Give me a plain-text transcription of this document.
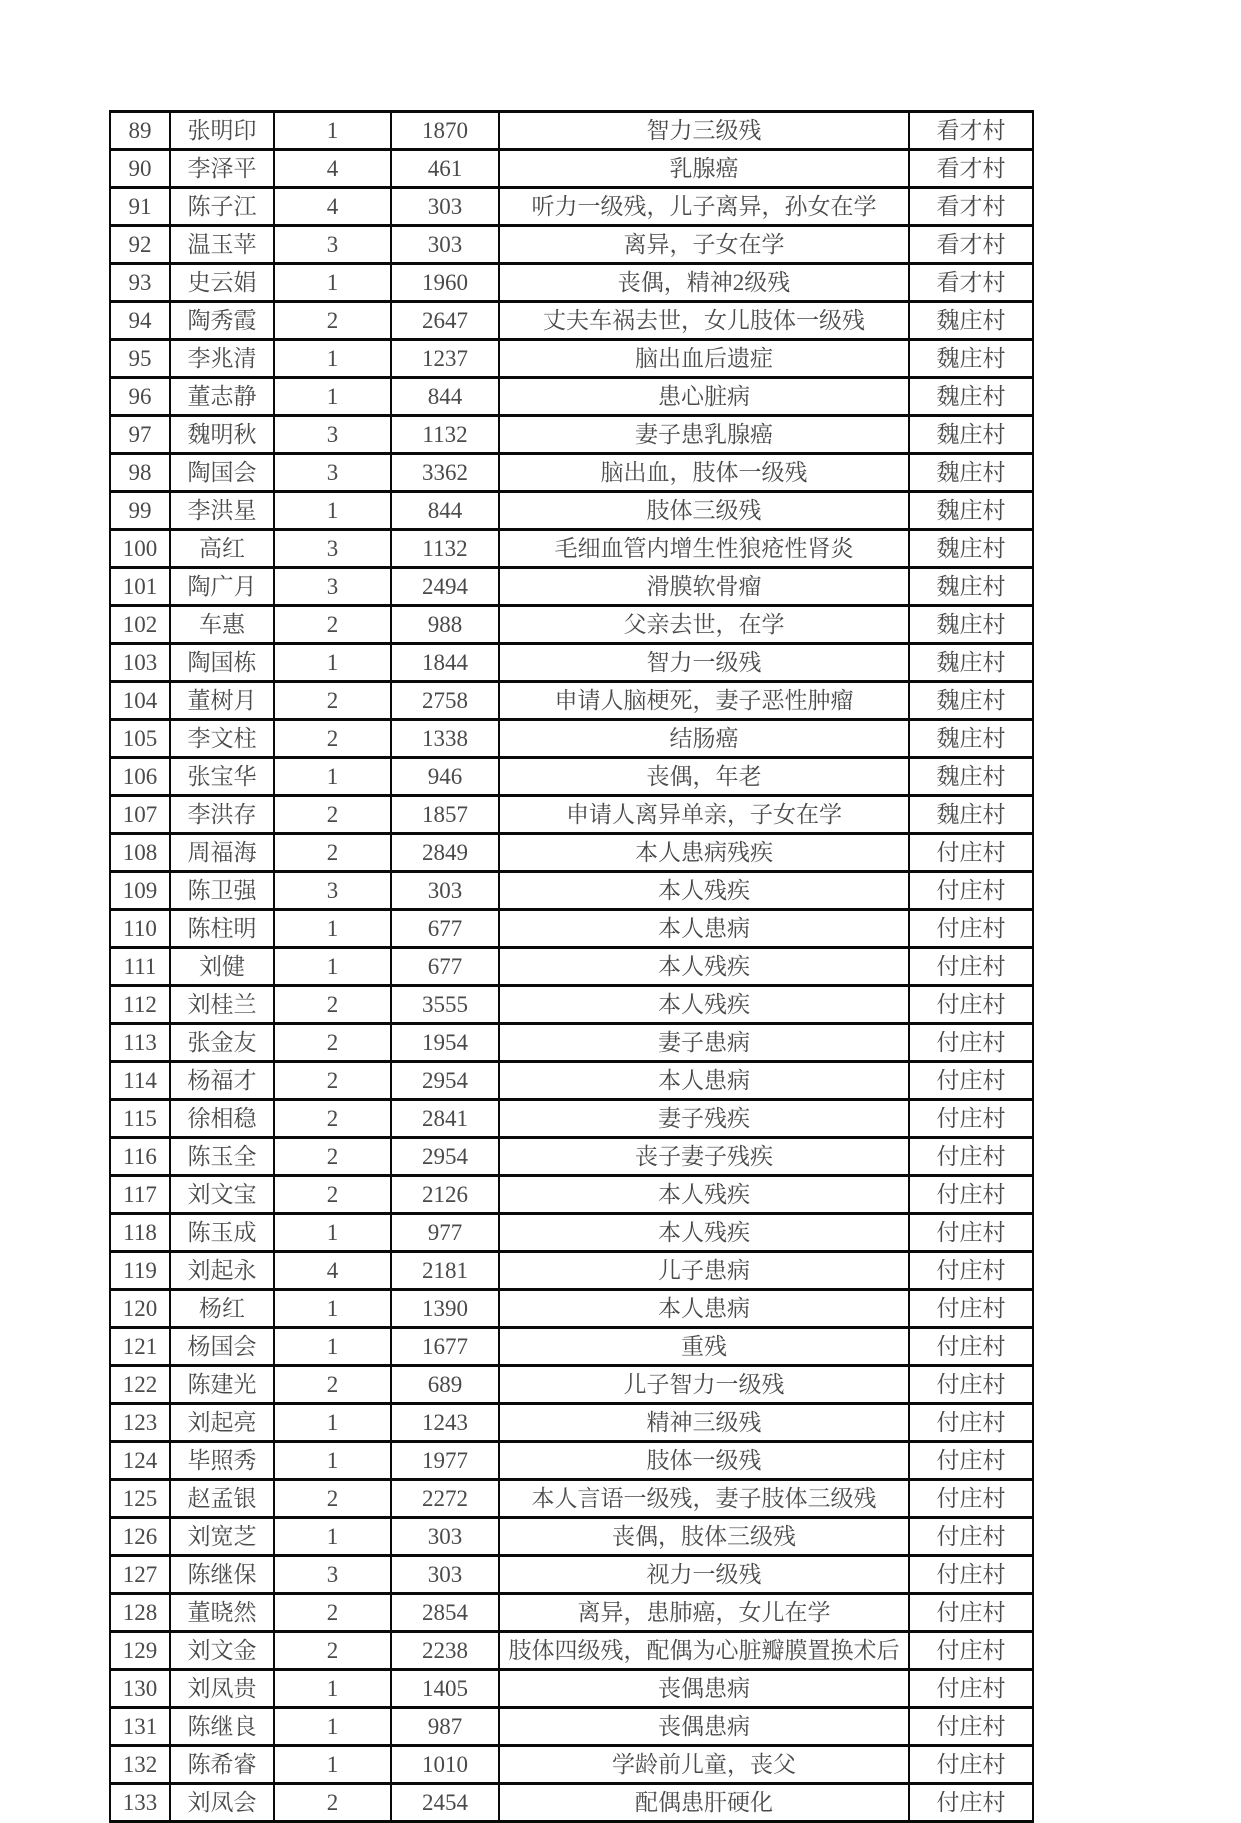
89	张明印	1	1870	智力三级残	看才村
90	李泽平	4	461	乳腺癌	看才村
91	陈子江	4	303	听力一级残，儿子离异，孙女在学	看才村
92	温玉苹	3	303	离异，子女在学	看才村
93	史云娟	1	1960	丧偶，精神2级残	看才村
94	陶秀霞	2	2647	丈夫车祸去世，女儿肢体一级残	魏庄村
95	李兆清	1	1237	脑出血后遗症	魏庄村
96	董志静	1	844	患心脏病	魏庄村
97	魏明秋	3	1132	妻子患乳腺癌	魏庄村
98	陶国会	3	3362	脑出血，肢体一级残	魏庄村
99	李洪星	1	844	肢体三级残	魏庄村
100	高红	3	1132	毛细血管内增生性狼疮性肾炎	魏庄村
101	陶广月	3	2494	滑膜软骨瘤	魏庄村
102	车惠	2	988	父亲去世，在学	魏庄村
103	陶国栋	1	1844	智力一级残	魏庄村
104	董树月	2	2758	申请人脑梗死，妻子恶性肿瘤	魏庄村
105	李文柱	2	1338	结肠癌	魏庄村
106	张宝华	1	946	丧偶，年老	魏庄村
107	李洪存	2	1857	申请人离异单亲，子女在学	魏庄村
108	周福海	2	2849	本人患病残疾	付庄村
109	陈卫强	3	303	本人残疾	付庄村
110	陈柱明	1	677	本人患病	付庄村
111	刘健	1	677	本人残疾	付庄村
112	刘桂兰	2	3555	本人残疾	付庄村
113	张金友	2	1954	妻子患病	付庄村
114	杨福才	2	2954	本人患病	付庄村
115	徐相稳	2	2841	妻子残疾	付庄村
116	陈玉全	2	2954	丧子妻子残疾	付庄村
117	刘文宝	2	2126	本人残疾	付庄村
118	陈玉成	1	977	本人残疾	付庄村
119	刘起永	4	2181	儿子患病	付庄村
120	杨红	1	1390	本人患病	付庄村
121	杨国会	1	1677	重残	付庄村
122	陈建光	2	689	儿子智力一级残	付庄村
123	刘起亮	1	1243	精神三级残	付庄村
124	毕照秀	1	1977	肢体一级残	付庄村
125	赵孟银	2	2272	本人言语一级残，妻子肢体三级残	付庄村
126	刘宽芝	1	303	丧偶，肢体三级残	付庄村
127	陈继保	3	303	视力一级残	付庄村
128	董晓然	2	2854	离异，患肺癌，女儿在学	付庄村
129	刘文金	2	2238	肢体四级残，配偶为心脏瓣膜置换术后	付庄村
130	刘凤贵	1	1405	丧偶患病	付庄村
131	陈继良	1	987	丧偶患病	付庄村
132	陈希睿	1	1010	学龄前儿童，丧父	付庄村
133	刘凤会	2	2454	配偶患肝硬化	付庄村
